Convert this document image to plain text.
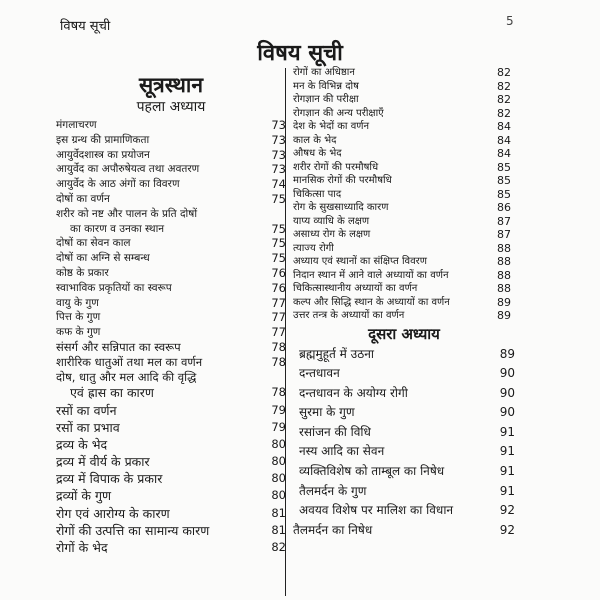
विषय सूची	5
विषय सूची
सूत्रस्थान
पहला अध्याय
मंगलाचरण	73
इस ग्रन्थ की प्रामाणिकता	73
आयुर्वेदशास्त्र का प्रयोजन	73
आयुर्वेद का अपौरुषेयत्व तथा अवतरण	73
आयुर्वेद के आठ अंगों का विवरण	74
दोषों का वर्णन	75
शरीर को नष्ट और पालन के प्रति दोषों
का कारण व उनका स्थान	75
दोषों का सेवन काल	75
दोषों का अग्नि से सम्बन्ध	75
कोष्ठ के प्रकार	76
स्वाभाविक प्रकृतियों का स्वरूप	76
वायु के गुण	77
पित्त के गुण	77
कफ के गुण	77
संसर्ग और सन्निपात का स्वरूप	78
शारीरिक धातुओं तथा मल का वर्णन	78
दोष, धातु और मल आदि की वृद्धि
एवं ह्रास का कारण	78
रसों का वर्णन	79
रसों का प्रभाव	79
द्रव्य के भेद	80
द्रव्य में वीर्य के प्रकार	80
द्रव्य में विपाक के प्रकार	80
द्रव्यों के गुण	80
रोग एवं आरोग्य के कारण	81
रोगों की उत्पत्ति का सामान्य कारण	81
रोगों के भेद	82
रोगों का अधिष्ठान	82
मन के विभिन्न दोष	82
रोगज्ञान की परीक्षा	82
रोगज्ञान की अन्य परीक्षाएँ	82
देश के भेदों का वर्णन	84
काल के भेद	84
औषध के भेद	84
शरीर रोगों की परमौषधि	85
मानसिक रोगों की परमौषधि	85
चिकित्सा पाद	85
रोग के सुखसाध्यादि कारण	86
याप्य व्याधि के लक्षण	87
असाध्य रोग के लक्षण	87
त्याज्य रोगी	88
अध्याय एवं स्थानों का संक्षिप्त विवरण	88
निदान स्थान में आने वाले अध्यायों का वर्णन	88
चिकित्सास्थानीय अध्यायों का वर्णन	88
कल्प और सिद्धि स्थान के अध्यायों का वर्णन	89
उत्तर तन्त्र के अध्यायों का वर्णन	89
दूसरा अध्याय
ब्रह्ममुहूर्त में उठना	89
दन्तधावन	90
दन्तधावन के अयोग्य रोगी	90
सुरमा के गुण	90
रसांजन की विधि	91
नस्य आदि का सेवन	91
व्यक्तिविशेष को ताम्बूल का निषेध	91
तैलमर्दन के गुण	91
अवयव विशेष पर मालिश का विधान	92
तैलमर्दन का निषेध	92
